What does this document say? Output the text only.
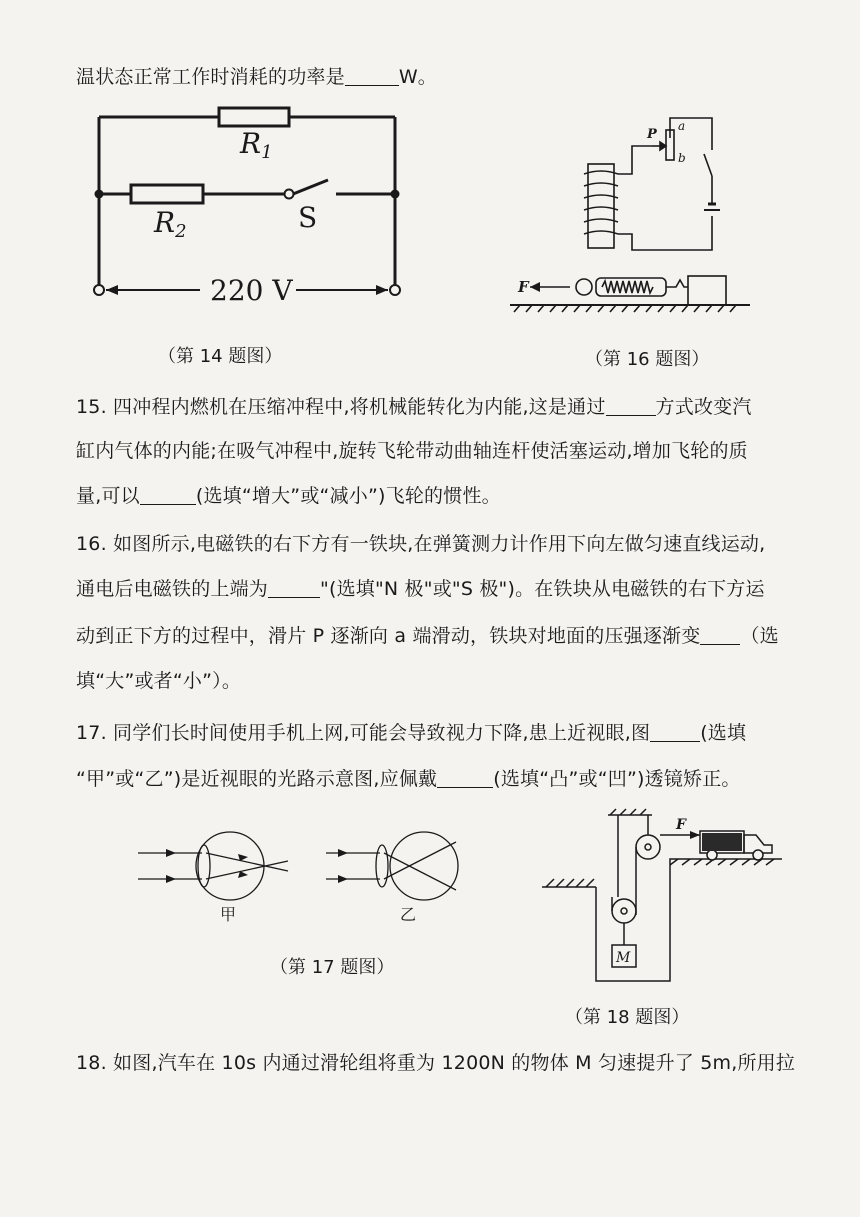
温状态正常工作时消耗的功率是	W。
R1
R2	S
220 V
（第 14 题图）
F
P
a
b
（第 16 题图）
15. 四冲程内燃机在压缩冲程中,将机械能转化为内能,这是通过	方式改变汽
缸内气体的内能;在吸气冲程中,旋转飞轮带动曲轴连杆使活塞运动,增加飞轮的质
量,可以	(选填“增大”或“减小”)飞轮的惯性。
16. 如图所示,电磁铁的右下方有一铁块,在弹簧测力计作用下向左做匀速直线运动,
通电后电磁铁的上端为	"(选填"N 极"或"S 极")。在铁块从电磁铁的右下方运
动到正下方的过程中，滑片 P 逐渐向 a 端滑动，铁块对地面的压强逐渐变 （选
填“大”或者“小”）。
17. 同学们长时间使用手机上网,可能会导致视力下降,患上近视眼,图	(选填
“甲”或“乙”)是近视眼的光路示意图,应佩戴	(选填“凸”或“凹”)透镜矫正。
甲	乙
（第 17 题图）
F
M
（第 18 题图）
18. 如图,汽车在 10s 内通过滑轮组将重为 1200N 的物体 M 匀速提升了 5m,所用拉
